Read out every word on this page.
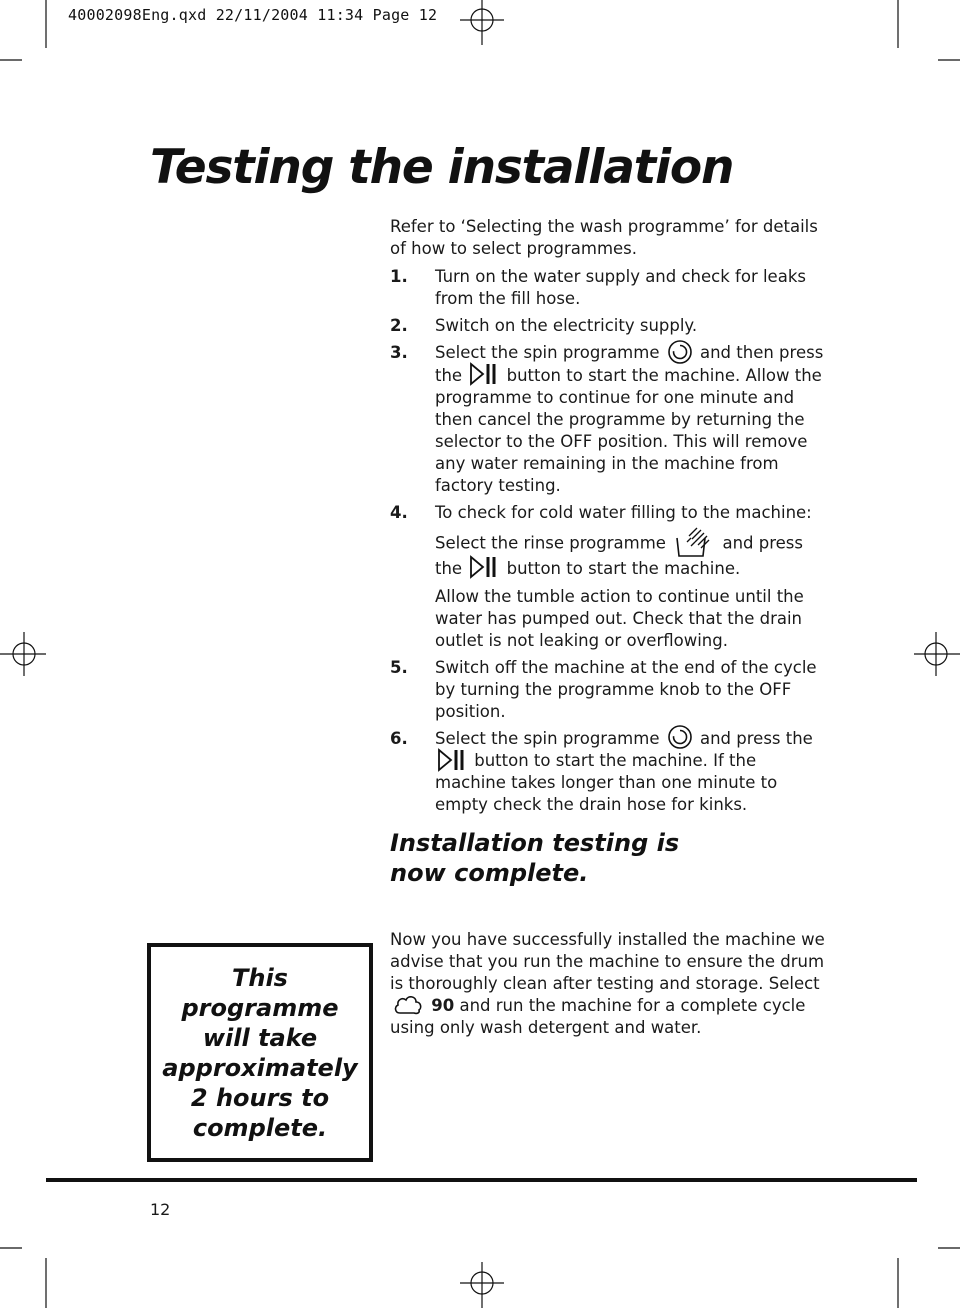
40002098Eng.qxd 22/11/2004 11:34 Page 12
Testing the installation

Refer to ‘Selecting the wash programme’ for details of how to select programmes.

1. Turn on the water supply and check for leaks from the fill hose.
2. Switch on the electricity supply.
3. Select the spin programme and then press the	button to start the machine. Allow the programme to continue for one minute and then cancel the programme by returning the selector to the OFF position. This will remove any water remaining in the machine from factory testing.
4. To check for cold water filling to the machine:
Select the rinse programme	and press the	button to start the machine.
Allow the tumble action to continue until the water has pumped out. Check that the drain outlet is not leaking or overflowing.
5. Switch off the machine at the end of the cycle by turning the programme knob to the OFF position.
6. Select the spin programme and press the  button to start the machine. If the machine takes longer than one minute to empty check the drain hose for kinks.
Installation testing is now complete.
Now you have successfully installed the machine we advise that you run the machine to ensure the drum is thoroughly clean after testing and storage. Select  90 and run the machine for a complete cycle using only wash detergent and water.
This
programme
will take
approximately
2 hours to
complete.
12
